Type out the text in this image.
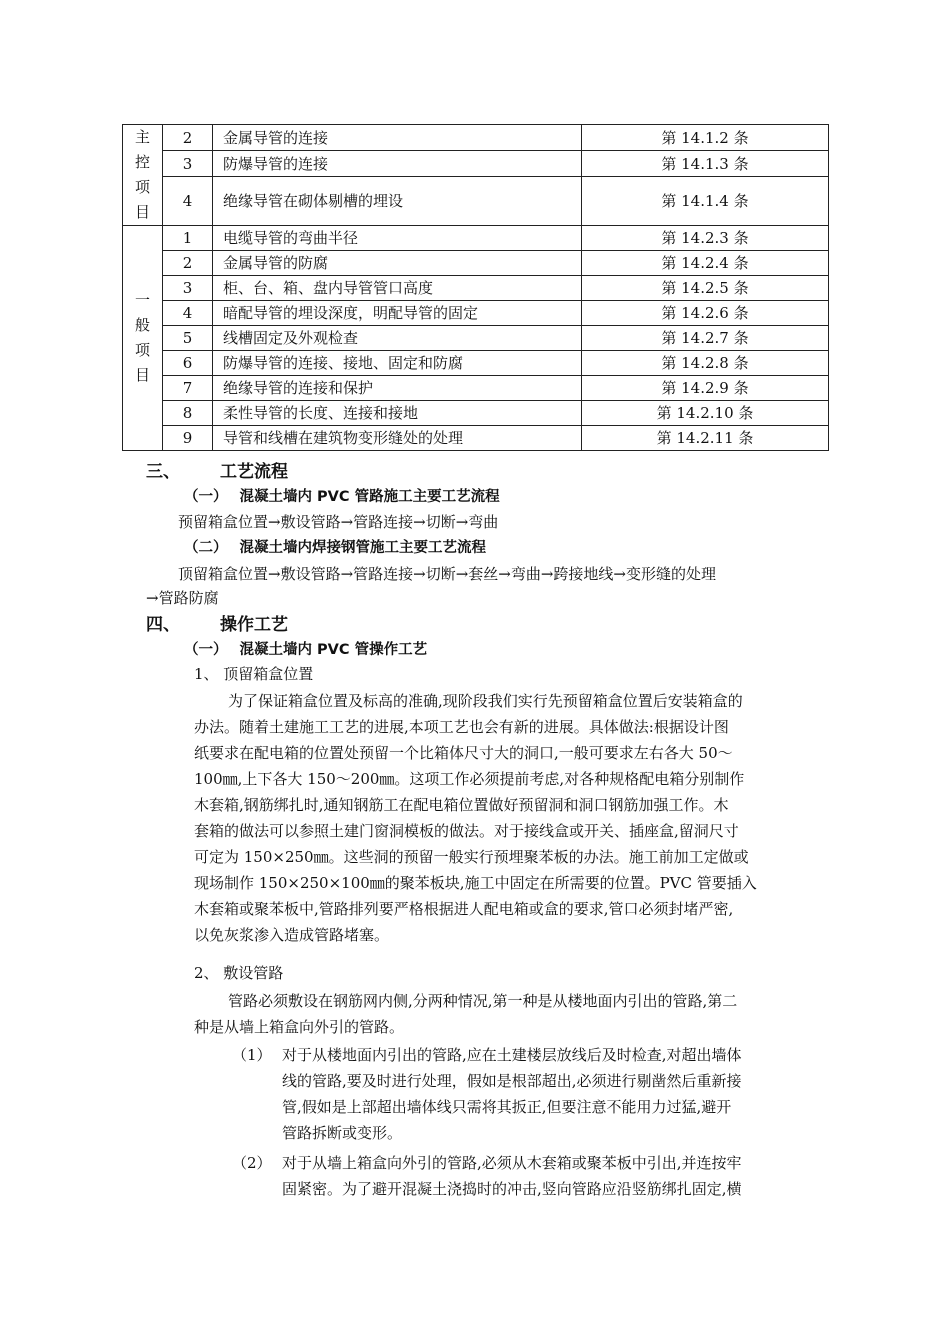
主控项目	2	金属导管的连接	第 14.1.2 条
	3	防爆导管的连接	第 14.1.3 条
	4	绝缘导管在砌体剔槽的埋设	第 14.1.4 条
一般项目	1	电缆导管的弯曲半径	第 14.2.3 条
	2	金属导管的防腐	第 14.2.4 条
	3	柜、台、箱、盘内导管管口高度	第 14.2.5 条
	4	暗配导管的埋设深度，明配导管的固定	第 14.2.6 条
	5	线槽固定及外观检查	第 14.2.7 条
	6	防爆导管的连接、接地、固定和防腐	第 14.2.8 条
	7	绝缘导管的连接和保护	第 14.2.9 条
	8	柔性导管的长度、连接和接地	第 14.2.10 条
	9	导管和线槽在建筑物变形缝处的处理	第 14.2.11 条
三、 工艺流程
（一） 混凝土墙内 PVC 管路施工主要工艺流程
预留箱盒位置→敷设管路→管路连接→切断→弯曲
（二） 混凝土墙内焊接钢管施工主要工艺流程
顶留箱盒位置→敷设管路→管路连接→切断→套丝→弯曲→跨接地线→变形缝的处理
→管路防腐
四、 操作工艺
（一） 混凝土墙内 PVC 管操作工艺
1、 顶留箱盒位置
为了保证箱盒位置及标高的准确,现阶段我们实行先预留箱盒位置后安装箱盒的
办法。随着土建施工工艺的进展,本项工艺也会有新的进展。具体做法:根据设计图
纸要求在配电箱的位置处预留一个比箱体尺寸大的洞口,一般可要求左右各大 50～
100㎜,上下各大 150～200㎜。这项工作必须提前考虑,对各种规格配电箱分别制作
木套箱,钢筋绑扎时,通知钢筋工在配电箱位置做好预留洞和洞口钢筋加强工作。木
套箱的做法可以参照土建门窗洞模板的做法。对于接线盒或开关、插座盒,留洞尺寸
可定为 150×250㎜。这些洞的预留一般实行预埋聚苯板的办法。施工前加工定做或
现场制作 150×250×100㎜的聚苯板块,施工中固定在所需要的位置。PVC 管要插入
木套箱或聚苯板中,管路排列要严格根据进人配电箱或盒的要求,管口必须封堵严密,
以免灰浆渗入造成管路堵塞。
2、 敷设管路
管路必须敷设在钢筋网内侧,分两种情况,第一种是从楼地面内引出的管路,第二
种是从墙上箱盒向外引的管路。
（1） 对于从楼地面内引出的管路,应在土建楼层放线后及时检查,对超出墙体
线的管路,要及时进行处理，假如是根部超出,必须进行剔凿然后重新接
管,假如是上部超出墙体线只需将其扳正,但要注意不能用力过猛,避开
管路拆断或变形。
（2） 对于从墙上箱盒向外引的管路,必须从木套箱或聚苯板中引出,并连按牢
固紧密。为了避开混凝土浇捣时的冲击,竖向管路应沿竖筋绑扎固定,横
